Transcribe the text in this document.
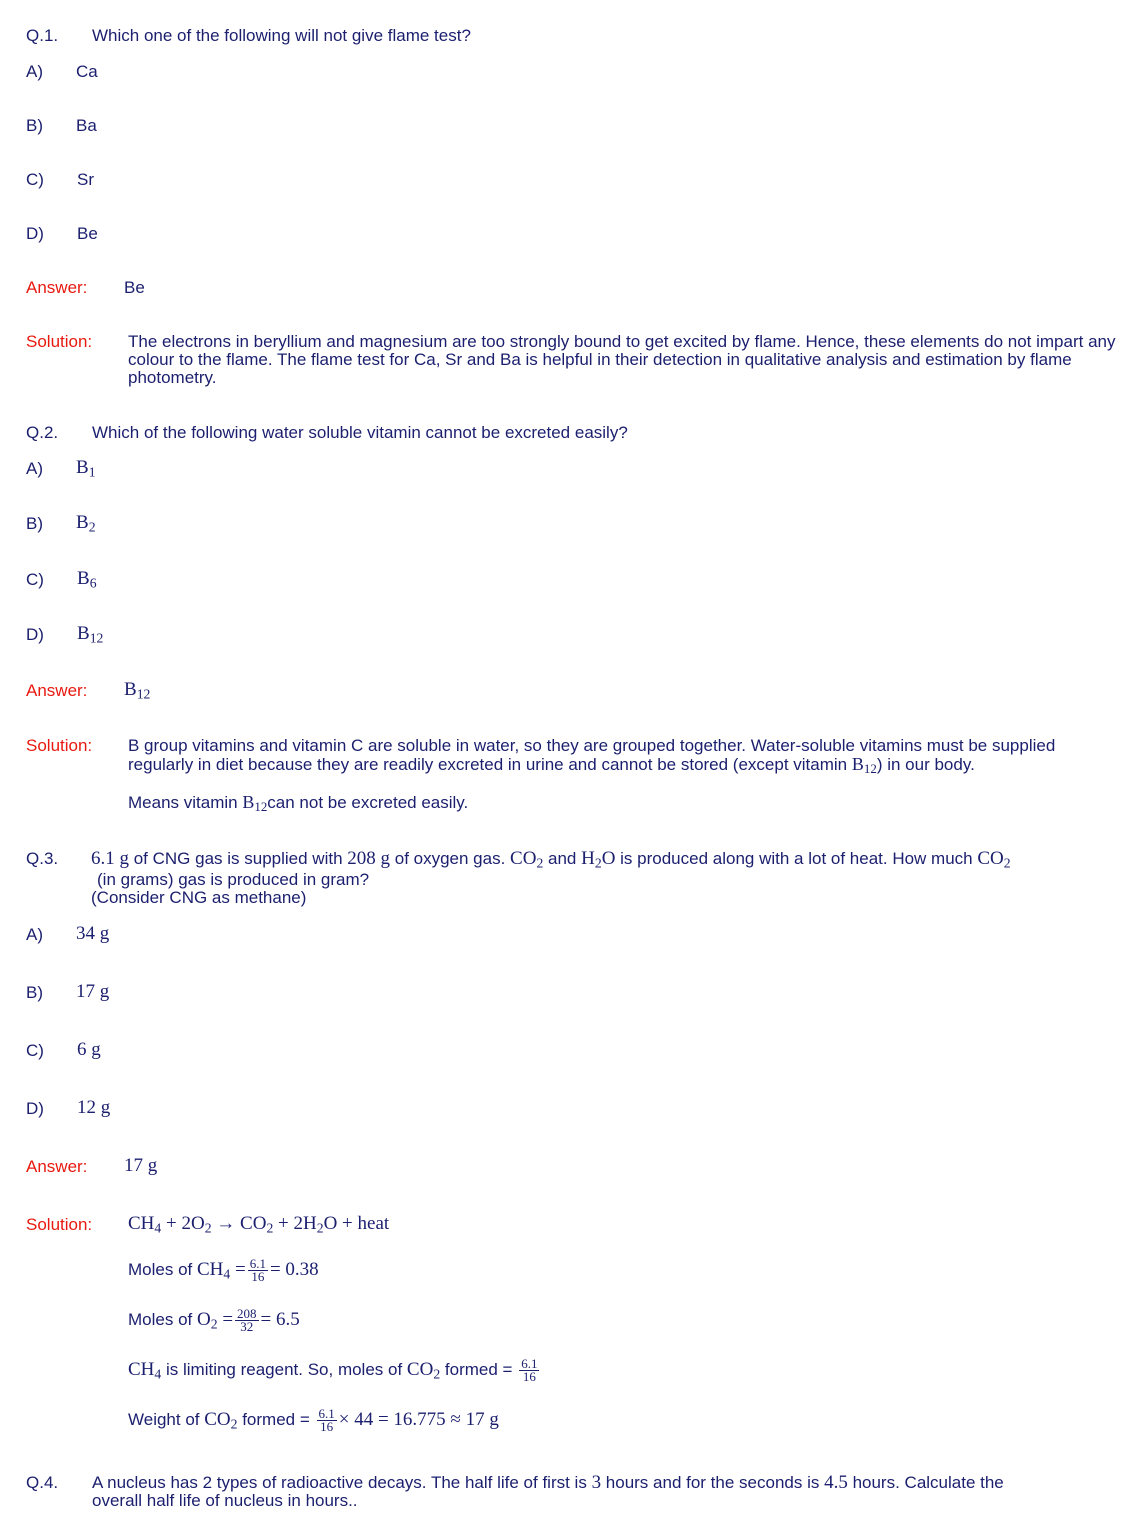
Q.1. Which one of the following will not give flame test?
A) Ca
B) Ba
C) Sr
D) Be
Answer: Be
Solution: The electrons in beryllium and magnesium are too strongly bound to get excited by flame. Hence, these elements do not impart any colour to the flame. The flame test for Ca, Sr and Ba is helpful in their detection in qualitative analysis and estimation by flame photometry.
Q.2. Which of the following water soluble vitamin cannot be excreted easily?
A) $B_1$
B) $B_2$
C) $B_6$
D) $B_{12}$
Answer: $B_{12}$
Solution: B group vitamins and vitamin C are soluble in water, so they are grouped together. Water-soluble vitamins must be supplied regularly in diet because they are readily excreted in urine and cannot be stored (except vitamin $B_{12}$) in our body.
Means vitamin $B_{12}can$ not be excreted easily.
Q.3. 6.1 g of CNG gas is supplied with 208 g of oxygen gas. $CO_2$ and $H_2O$ is produced along with a lot of heat. How much $CO_2$
(in grams) gas is produced in gram?
(Consider CNG as methane)
A) 34 g
B) 17 g
C) 6 g
D) 12 g
Answer: 17 g
Solution: $CH_4 + 2O_2 \to CO_2 + 2H_2O$ + heat
Moles of $CH_4 = \frac{6.1}{16} = 0.38$
Moles of $O_2 = \frac{208}{32} = 6.5$
$CH_4$ is limiting reagent. So, moles of $CO_2$ formed = $\frac{6.1}{16}$
Weight of $CO_2$ formed = $\frac{6.1}{16} \times 44 = 16.775 \approx 17$ g
Q.4. A nucleus has 2 types of radioactive decays. The half life of first is 3 hours and for the seconds is 4.5 hours. Calculate the
overall half life of nucleus in hours..
